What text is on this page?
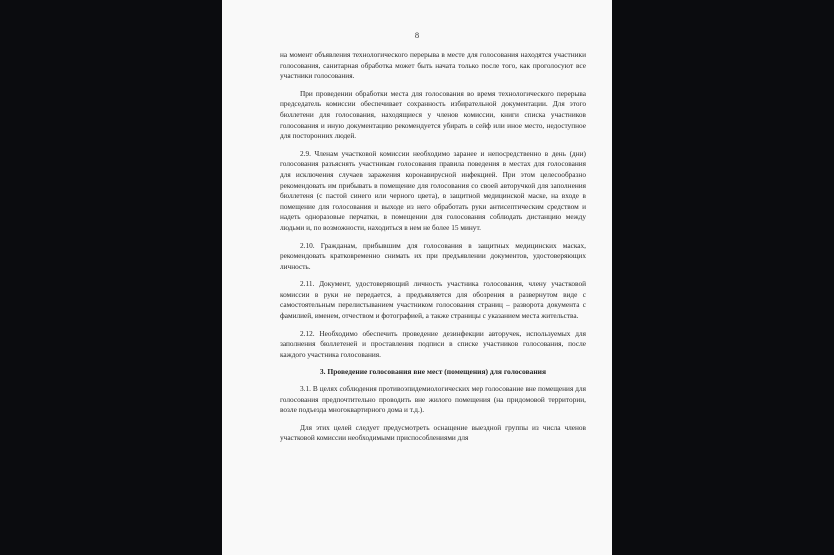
8

на момент объявления технологического перерыва в месте для голосования находятся участники голосования, санитарная обработка может быть начата только после того, как проголосуют все участники голосования.

При проведении обработки места для голосования во время технологического перерыва председатель комиссии обеспечивает сохранность избирательной документации. Для этого бюллетени для голосования, находящиеся у членов комиссии, книги списка участников голосования и иную документацию рекомендуется убирать в сейф или иное место, недоступное для посторонних людей.

2.9. Членам участковой комиссии необходимо заранее и непосредственно в день (дни) голосования разъяснять участникам голосования правила поведения в местах для голосования для исключения случаев заражения коронавирусной инфекцией. При этом целесообразно рекомендовать им прибывать в помещение для голосования со своей авторучкой для заполнения бюллетеня (с пастой синего или черного цвета), в защитной медицинской маске, на входе в помещение для голосования и выходе из него обработать руки антисептическим средством и надеть одноразовые перчатки, в помещении для голосования соблюдать дистанцию между людьми и, по возможности, находиться в нем не более 15 минут.

2.10. Гражданам, прибывшим для голосования в защитных медицинских масках, рекомендовать кратковременно снимать их при предъявлении документов, удостоверяющих личность.

2.11. Документ, удостоверяющий личность участника голосования, члену участковой комиссии в руки не передается, а предъявляется для обозрения в развернутом виде с самостоятельным перелистыванием участником голосования страниц – разворота документа с фамилией, именем, отчеством и фотографией, а также страницы с указанием места жительства.

2.12. Необходимо обеспечить проведение дезинфекции авторучек, используемых для заполнения бюллетеней и проставления подписи в списке участников голосования, после каждого участника голосования.

3. Проведение голосования вне мест (помещения) для голосования

3.1. В целях соблюдения противоэпидемиологических мер голосование вне помещения для голосования предпочтительно проводить вне жилого помещения (на придомовой территории, возле подъезда многоквартирного дома и т.д.).

Для этих целей следует предусмотреть оснащение выездной группы из числа членов участковой комиссии необходимыми приспособлениями для
